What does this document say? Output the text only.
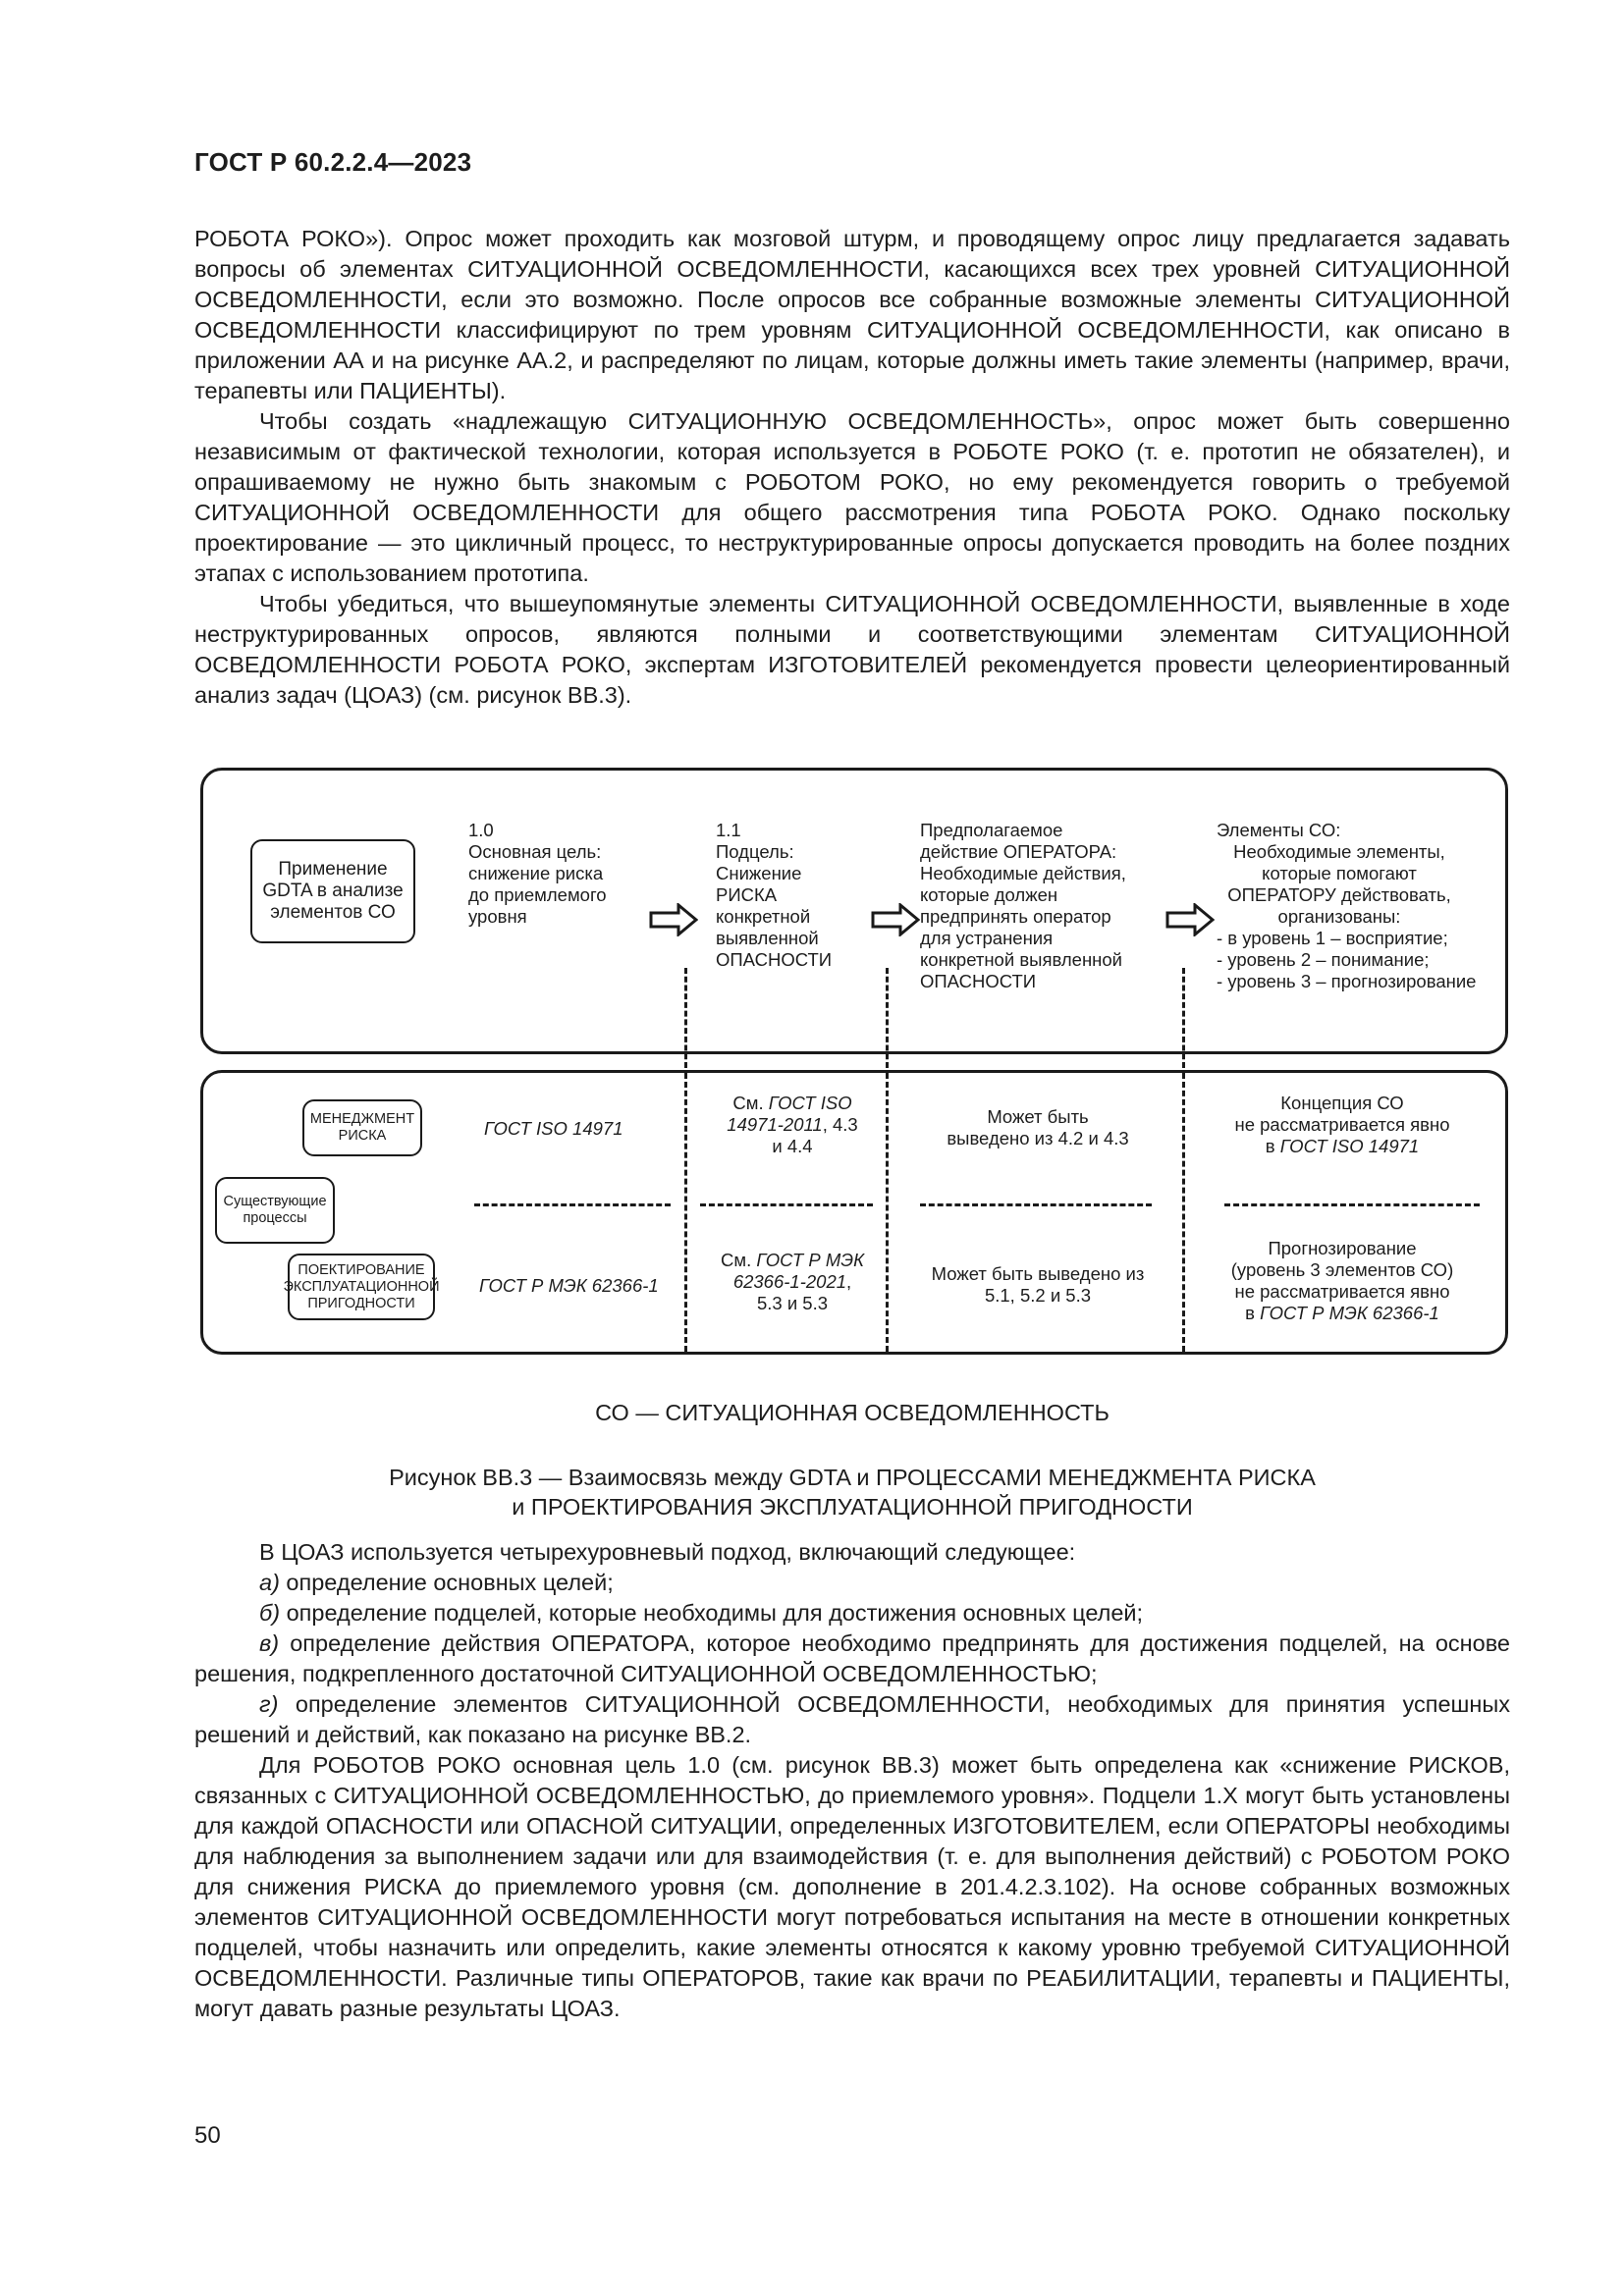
ГОСТ Р 60.2.2.4—2023

РОБОТА РОКО»). Опрос может проходить как мозговой штурм, и проводящему опрос лицу предлагается задавать вопросы об элементах СИТУАЦИОННОЙ ОСВЕДОМЛЕННОСТИ, касающихся всех трех уровней СИТУАЦИОННОЙ ОСВЕДОМЛЕННОСТИ, если это возможно. После опросов все собранные возможные элементы СИТУАЦИОННОЙ ОСВЕДОМЛЕННОСТИ классифицируют по трем уровням СИТУАЦИОННОЙ ОСВЕДОМЛЕННОСТИ, как описано в приложении АА и на рисунке АА.2, и распределяют по лицам, которые должны иметь такие элементы (например, врачи, терапевты или ПАЦИЕНТЫ).

Чтобы создать «надлежащую СИТУАЦИОННУЮ ОСВЕДОМЛЕННОСТЬ», опрос может быть совершенно независимым от фактической технологии, которая используется в РОБОТЕ РОКО (т. е. прототип не обязателен), и опрашиваемому не нужно быть знакомым с РОБОТОМ РОКО, но ему рекомендуется говорить о требуемой СИТУАЦИОННОЙ ОСВЕДОМЛЕННОСТИ для общего рассмотрения типа РОБОТА РОКО. Однако поскольку проектирование — это цикличный процесс, то неструктурированные опросы допускается проводить на более поздних этапах с использованием прототипа.

Чтобы убедиться, что вышеупомянутые элементы СИТУАЦИОННОЙ ОСВЕДОМЛЕННОСТИ, выявленные в ходе неструктурированных опросов, являются полными и соответствующими элементам СИТУАЦИОННОЙ ОСВЕДОМЛЕННОСТИ РОБОТА РОКО, экспертам ИЗГОТОВИТЕЛЕЙ рекомендуется провести целеориентированный анализ задач (ЦОАЗ) (см. рисунок ВВ.3).

Применение
GDTA в анализе
элементов СО
1.0
Основная цель:
снижение риска
до приемлемого
уровня
1.1
Подцель:
Снижение
РИСКА
конкретной
выявленной
ОПАСНОСТИ
Предполагаемое
действие ОПЕРАТОРА:
Необходимые действия,
которые должен
предпринять оператор
для устранения
конкретной выявленной
ОПАСНОСТИ
Элементы СО:
Необходимые элементы,
которые помогают
ОПЕРАТОРУ действовать,
организованы:
- в уровень 1 – восприятие;
- уровень 2 – понимание;
- уровень 3 – прогнозирование
МЕНЕДЖМЕНТ
РИСКА
Существующие
процессы
ПОЕКТИРОВАНИЕ
ЭКСПЛУАТАЦИОННОЙ
ПРИГОДНОСТИ
ГОСТ ISO 14971
См. ГОСТ ISO
14971-2011, 4.3
и 4.4
Может быть
выведено из 4.2 и 4.3
Концепция СО
не рассматривается явно
в ГОСТ ISO 14971
ГОСТ Р МЭК 62366-1
См. ГОСТ Р МЭК
62366-1-2021,
5.3 и 5.3
Может быть выведено из
5.1, 5.2 и 5.3
Прогнозирование
(уровень 3 элементов СО)
не рассматривается явно
в ГОСТ Р МЭК 62366-1
СО — СИТУАЦИОННАЯ ОСВЕДОМЛЕННОСТЬ
Рисунок ВВ.3 — Взаимосвязь между GDTA и ПРОЦЕССАМИ МЕНЕДЖМЕНТА РИСКА
и ПРОЕКТИРОВАНИЯ ЭКСПЛУАТАЦИОННОЙ ПРИГОДНОСТИ

В ЦОАЗ используется четырехуровневый подход, включающий следующее:

а) определение основных целей;

б) определение подцелей, которые необходимы для достижения основных целей;

в) определение действия ОПЕРАТОРА, которое необходимо предпринять для достижения подцелей, на основе решения, подкрепленного достаточной СИТУАЦИОННОЙ ОСВЕДОМЛЕННОСТЬЮ;

г) определение элементов СИТУАЦИОННОЙ ОСВЕДОМЛЕННОСТИ, необходимых для принятия успешных решений и действий, как показано на рисунке ВВ.2.

Для РОБОТОВ РОКО основная цель 1.0 (см. рисунок ВВ.3) может быть определена как «снижение РИСКОВ, связанных с СИТУАЦИОННОЙ ОСВЕДОМЛЕННОСТЬЮ, до приемлемого уровня». Подцели 1.X могут быть установлены для каждой ОПАСНОСТИ или ОПАСНОЙ СИТУАЦИИ, определенных ИЗГОТОВИТЕЛЕМ, если ОПЕРАТОРЫ необходимы для наблюдения за выполнением задачи или для взаимодействия (т. е. для выполнения действий) с РОБОТОМ РОКО для снижения РИСКА до приемлемого уровня (см. дополнение в 201.4.2.3.102). На основе собранных возможных элементов СИТУАЦИОННОЙ ОСВЕДОМЛЕННОСТИ могут потребоваться испытания на месте в отношении конкретных подцелей, чтобы назначить или определить, какие элементы относятся к какому уровню требуемой СИТУАЦИОННОЙ ОСВЕДОМЛЕННОСТИ. Различные типы ОПЕРАТОРОВ, такие как врачи по РЕАБИЛИТАЦИИ, терапевты и ПАЦИЕНТЫ, могут давать разные результаты ЦОАЗ.

50
